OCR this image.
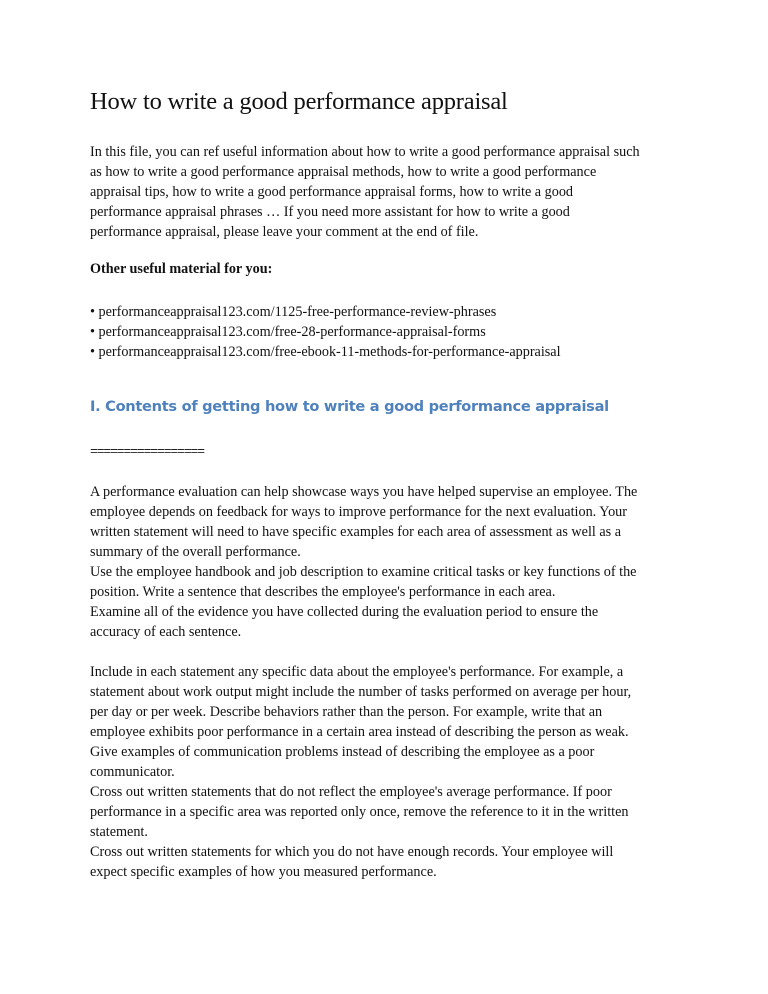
How to write a good performance appraisal
In this file, you can ref useful information about how to write a good performance appraisal such
as how to write a good performance appraisal methods, how to write a good performance
appraisal tips, how to write a good performance appraisal forms, how to write a good
performance appraisal phrases … If you need more assistant for how to write a good
performance appraisal, please leave your comment at the end of file.
Other useful material for you:
• performanceappraisal123.com/1125-free-performance-review-phrases
• performanceappraisal123.com/free-28-performance-appraisal-forms
• performanceappraisal123.com/free-ebook-11-methods-for-performance-appraisal
I. Contents of getting how to write a good performance appraisal
=================
A performance evaluation can help showcase ways you have helped supervise an employee. The
employee depends on feedback for ways to improve performance for the next evaluation. Your
written statement will need to have specific examples for each area of assessment as well as a
summary of the overall performance.
Use the employee handbook and job description to examine critical tasks or key functions of the
position. Write a sentence that describes the employee's performance in each area.
Examine all of the evidence you have collected during the evaluation period to ensure the
accuracy of each sentence.
Include in each statement any specific data about the employee's performance. For example, a
statement about work output might include the number of tasks performed on average per hour,
per day or per week. Describe behaviors rather than the person. For example, write that an
employee exhibits poor performance in a certain area instead of describing the person as weak.
Give examples of communication problems instead of describing the employee as a poor
communicator.
Cross out written statements that do not reflect the employee's average performance. If poor
performance in a specific area was reported only once, remove the reference to it in the written
statement.
Cross out written statements for which you do not have enough records. Your employee will
expect specific examples of how you measured performance.
